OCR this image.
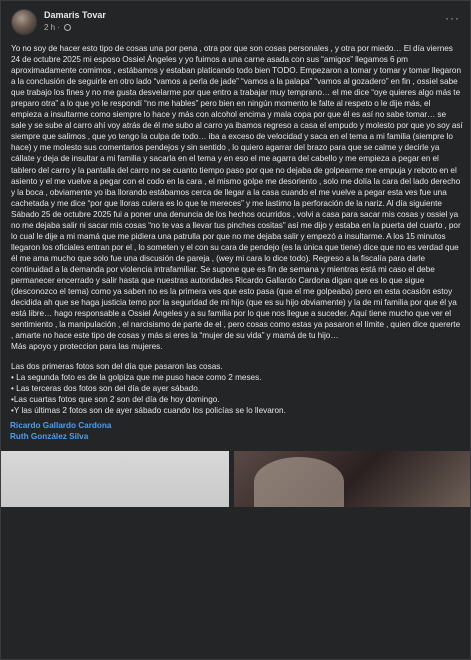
Damaris Tovar
2 h ·
···
Yo no soy de hacer esto tipo de cosas una por pena , otra por que son cosas personales , y otra por miedo… El día viernes 24 de octubre 2025 mi esposo Ossiel Ángeles y yo fuimos a una carne asada con sus “amigos” llegamos 6 pm aproximadamente comimos , estábamos y estaban platicando todo bien TODO. Empezaron a tomar y tomar y tomar llegaron a la conclusión de seguirle en otro lado “vamos a perla de jade” “vamos a la palapa” “vamos al gozadero” en fin , ossiel sabe que trabajo los fines y no me gusta desvelarme por que entro a trabajar muy temprano… el me dice “oye quieres algo más te preparo otra” a lo que yo le respondí “no me hables” pero bien en ningún momento le falte al respeto o le dije más, el empieza a insultarme como siempre lo hace y más con alcohol encima y mala copa por que él es así no sabe tomar… se sale y se sube al carro ahí voy atrás de él me subo al carro ya ibamos regreso a casa el empudo y molesto por que yo soy así siempre que salimos , que yo tengo la culpa de todo… iba a exceso de velocidad y saca en el tema a mi familia (siempre lo hace) y me molesto sus comentarios pendejos y sin sentido , lo quiero agarrar del brazo para que se calme y decirle ya cállate y deja de insultar a mi familia y sacarla en el tema y en eso el me agarra del cabello y me empieza a pegar en el tablero del carro y la pantalla del carro no se cuanto tiempo paso por que no dejaba de golpearme me empuja y reboto en el asiento y el me vuelve a pegar con el codo en la cara , el mismo golpe me desoriento , solo me dolía la cara del lado derecho y la boca , obviamente yo iba llorando estábamos cerca de llegar a la casa cuando el me vuelve a pegar esta ves fue una cachetada y me dice “por que lloras culera es lo que te mereces” y me lastimo la perforación de la nariz. Al día siguiente Sábado 25 de octubre 2025 fui a poner una denuncia de los hechos ocurridos , volvi a casa para sacar mis cosas y ossiel ya no me dejaba salir ni sacar mis cosas “no te vas a llevar tus pinches cositas” así me dijo y estaba en la puerta del cuarto , por lo cual le dije a mi mamá que me pidiera una patrulla por que no me dejaba salir y empezó a insultarme. A los 15 minutos llegaron los oficiales entran por el , lo someten y el con su cara de pendejo (es la única que tiene) dice que no es verdad que él me ama mucho que solo fue una discusión de pareja , (wey mi cara lo dice todo). Regreso a la fiscalía para darle continuidad a la demanda por violencia intrafamiliar. Se supone que es fin de semana y mientras está mi caso el debe permanecer encerrado y salir hasta que nuestras autoridades Ricardo Gallardo Cardona digan que es lo que sigue (desconozco el tema) como ya saben no es la primera ves que esto pasa (que el me golpeaba) pero en esta ocasión estoy decidida ah que se haga justicia temo por la seguridad de mi hijo (que es su hijo obviamente) y la de mi familia por que él ya está libre… hago responsable a Ossiel Ángeles y a su familia por lo que nos llegue a suceder. Aquí tiene mucho que ver el sentimiento , la manipulación , el narcisismo de parte de el , pero cosas como estas ya pasaron el límite , quien dice quererte , amarte no hace este tipo de cosas y más si eres la “mujer de su vida” y mamá de tu hijo…
Más apoyo y proteccion para las mujeres.
Las dos primeras fotos son del día que pasaron las cosas.
• La segunda foto es de la golpiza que me puso hace como 2 meses.
• Las terceras dos fotos son del día de ayer sábado.
•Las cuartas fotos que son 2 son del día de hoy domingo.
•Y las últimas 2 fotos son de ayer sábado cuando los policías se lo llevaron.
Ricardo Gallardo Cardona
Ruth González Silva
